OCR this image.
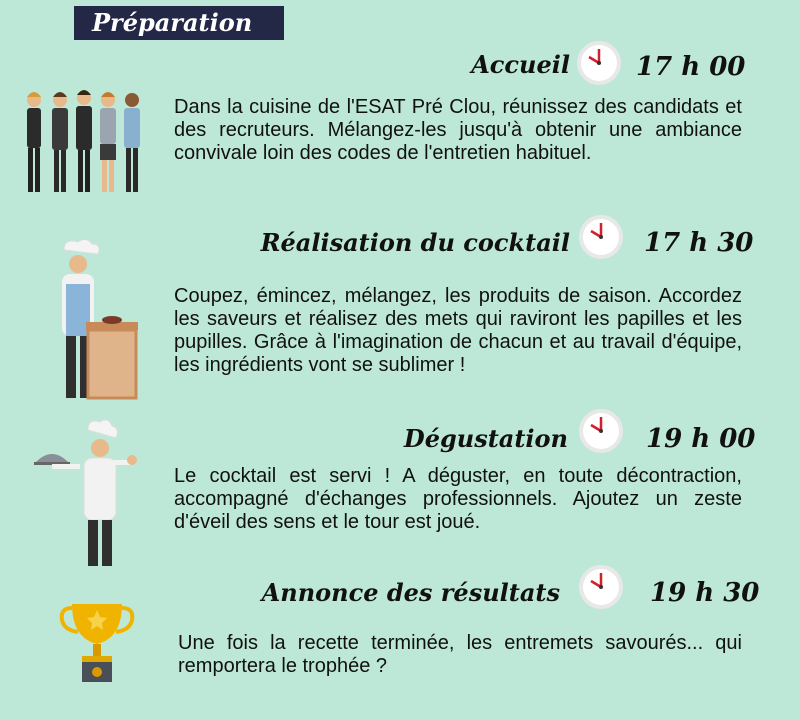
Préparation
Accueil	17 h 00
Dans la cuisine de l'ESAT Pré Clou, réunissez des candidats et des recruteurs. Mélangez-les jusqu'à obtenir une ambiance convivale loin des codes de l'entretien habituel.
Réalisation du cocktail	17 h 30
Coupez, émincez, mélangez, les produits de saison. Accordez les saveurs et réalisez des mets qui raviront les papilles et les pupilles. Grâce à l'imagination de chacun et au travail d'équipe, les ingrédients vont se sublimer !
Dégustation	19 h 00
Le cocktail est servi ! A déguster, en toute décontraction, accompagné d'échanges professionnels. Ajoutez un zeste d'éveil des sens et le tour est joué.
Annonce des résultats	19 h 30
Une fois la recette terminée, les entremets savourés... qui remportera le trophée ?
